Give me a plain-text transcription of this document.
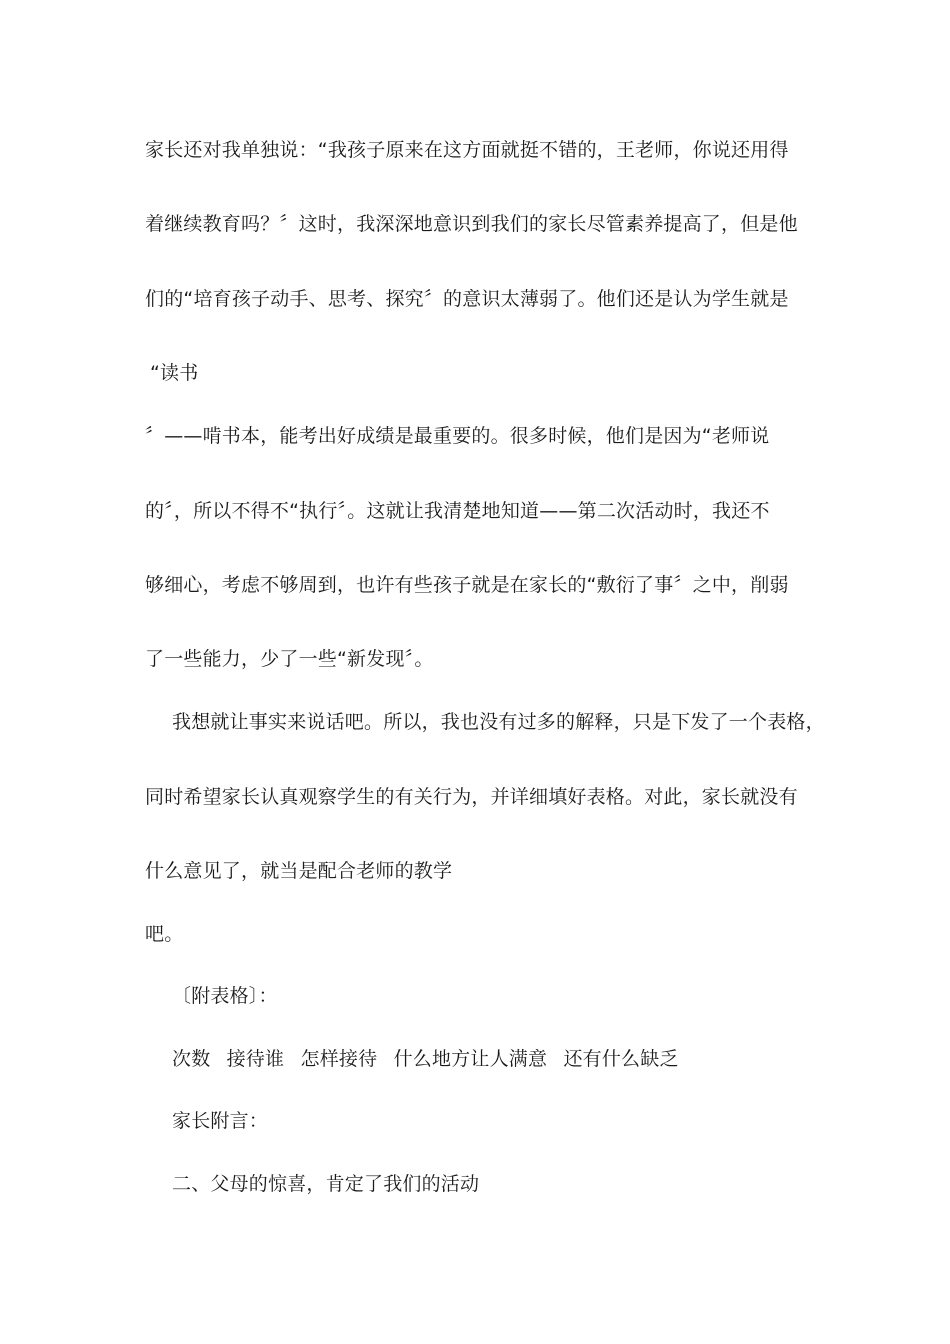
家长还对我单独说：“我孩子原来在这方面就挺不错的，王老师，你说还用得
着继续教育吗？〞这时，我深深地意识到我们的家长尽管素养提高了，但是他
们的“培育孩子动手、思考、探究〞的意识太薄弱了。他们还是认为学生就是
“读书
〞——啃书本，能考出好成绩是最重要的。很多时候，他们是因为“老师说
的〞，所以不得不“执行〞。这就让我清楚地知道——第二次活动时，我还不
够细心，考虑不够周到，也许有些孩子就是在家长的“敷衍了事〞之中，削弱
了一些能力，少了一些“新发现〞。
我想就让事实来说话吧。所以，我也没有过多的解释，只是下发了一个表格，
同时希望家长认真观察学生的有关行为，并详细填好表格。对此，家长就没有
什么意见了，就当是配合老师的教学
吧。
〔附表格〕：
次数 接待谁 怎样接待 什么地方让人满意 还有什么缺乏
家长附言：
二、父母的惊喜，肯定了我们的活动
